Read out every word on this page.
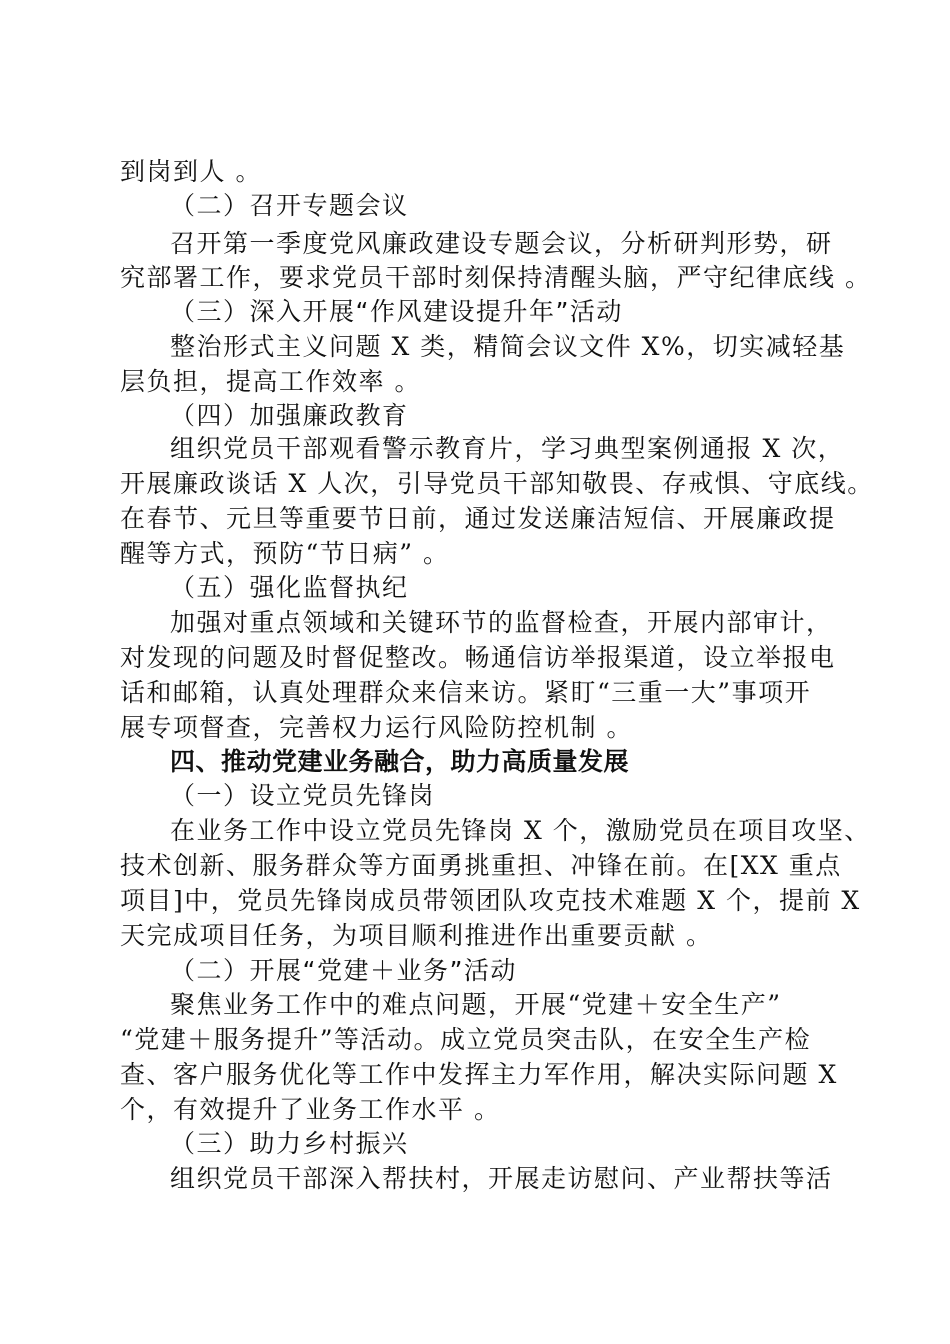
到岗到人 。
（二）召开专题会议
召开第一季度党风廉政建设专题会议，分析研判形势，研
究部署工作，要求党员干部时刻保持清醒头脑，严守纪律底线 。
（三）深入开展“作风建设提升年”活动
整治形式主义问题 X 类，精简会议文件 X%，切实减轻基
层负担，提高工作效率 。
（四）加强廉政教育
组织党员干部观看警示教育片，学习典型案例通报 X 次，
开展廉政谈话 X 人次，引导党员干部知敬畏、存戒惧、守底线。
在春节、元旦等重要节日前，通过发送廉洁短信、开展廉政提
醒等方式，预防“节日病” 。
（五）强化监督执纪
加强对重点领域和关键环节的监督检查，开展内部审计，
对发现的问题及时督促整改。畅通信访举报渠道，设立举报电
话和邮箱，认真处理群众来信来访。紧盯“三重一大”事项开
展专项督查，完善权力运行风险防控机制 。
四、推动党建业务融合，助力高质量发展
（一）设立党员先锋岗
在业务工作中设立党员先锋岗 X 个，激励党员在项目攻坚、
技术创新、服务群众等方面勇挑重担、冲锋在前。在[XX 重点
项目]中，党员先锋岗成员带领团队攻克技术难题 X 个，提前 X
天完成项目任务，为项目顺利推进作出重要贡献 。
（二）开展“党建＋业务”活动
聚焦业务工作中的难点问题，开展“党建＋安全生产”
“党建＋服务提升”等活动。成立党员突击队，在安全生产检
查、客户服务优化等工作中发挥主力军作用，解决实际问题 X
个，有效提升了业务工作水平 。
（三）助力乡村振兴
组织党员干部深入帮扶村，开展走访慰问、产业帮扶等活
